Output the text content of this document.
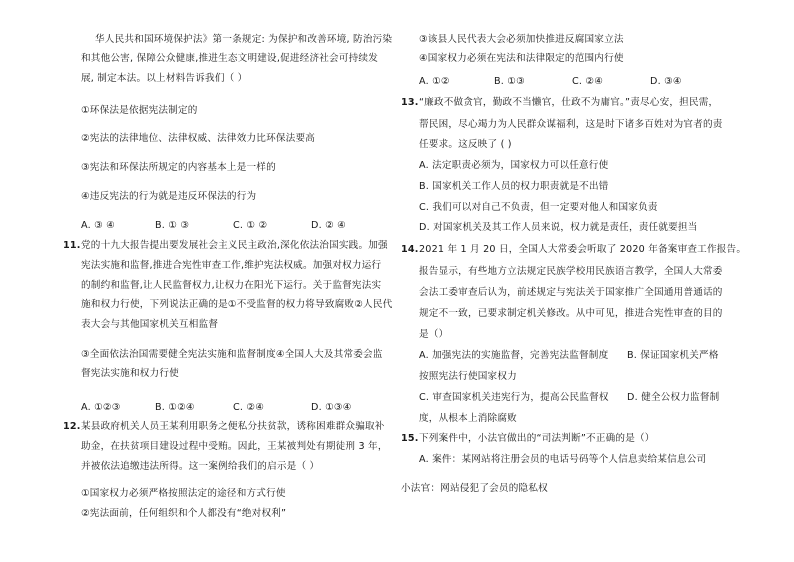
华人民共和国环境保护法》第一条规定: 为保护和改善环境, 防治污染
和其他公害, 保障公众健康,推进生态文明建设,促进经济社会可持续发
展, 制定本法。以上材料告诉我们（ ）
①环保法是依据宪法制定的
②宪法的法律地位、法律权威、法律效力比环保法要高
③宪法和环保法所规定的内容基本上是一样的
④违反宪法的行为就是违反环保法的行为
A. ③ ④	B. ① ③	C. ① ②	D. ② ④
11. 党的十九大报告提出要发展社会主义民主政治,深化依法治国实践。加强
宪法实施和监督,推进合宪性审查工作,维护宪法权威。加强对权力运行
的制约和监督,让人民监督权力,让权力在阳光下运行。关于监督宪法实
施和权力行使，下列说法正确的是①不受监督的权力将导致腐败②人民代
表大会与其他国家机关互相监督
③全面依法治国需要健全宪法实施和监督制度④全国人大及其常委会监
督宪法实施和权力行使
A. ①②③	B. ①②④	C. ②④	D. ①③④
12. 某县政府机关人员王某利用职务之便私分扶贫款，诱称困难群众骗取补
助金，在扶贫项目建设过程中受贿。因此，王某被判处有期徒刑 3 年，
并被依法追缴违法所得。这一案例给我们的启示是（ ）
①国家权力必须严格按照法定的途径和方式行使
②宪法面前，任何组织和个人都没有“绝对权利”
③该县人民代表大会必须加快推进反腐国家立法
④国家权力必须在宪法和法律限定的范围内行使
A. ①②	B. ①③	C. ②④	D. ③④
13. “廉政不做贪官，勤政不当懒官，仕政不为庸官。”责尽心安，担民需，
帮民困，尽心竭力为人民群众谋福利，这是时下诸多百姓对为官者的责
任要求。这反映了 ( )
A. 法定职责必须为，国家权力可以任意行使
B. 国家机关工作人员的权力职责就是不出错
C. 我们可以对自己不负责，但一定要对他人和国家负责
D. 对国家机关及其工作人员来说，权力就是责任，责任就要担当
14. 2021 年 1 月 20 日，全国人大常委会听取了 2020 年备案审查工作报告。
报告显示，有些地方立法规定民族学校用民族语言教学，全国人大常委
会法工委审查后认为，前述规定与宪法关于国家推广全国通用普通话的
规定不一致，已要求制定机关修改。从中可见，推进合宪性审查的目的
是（）
A. 加强宪法的实施监督，完善宪法监督制度 B. 保证国家机关严格
按照宪法行使国家权力
C. 审查国家机关违宪行为，提高公民监督权 D. 健全公权力监督制
度，从根本上消除腐败
15. 下列案件中，小法官做出的“司法判断”不正确的是（）
A. 案件：某网站将注册会员的电话号码等个人信息卖给某信息公司
小法官：网站侵犯了会员的隐私权
